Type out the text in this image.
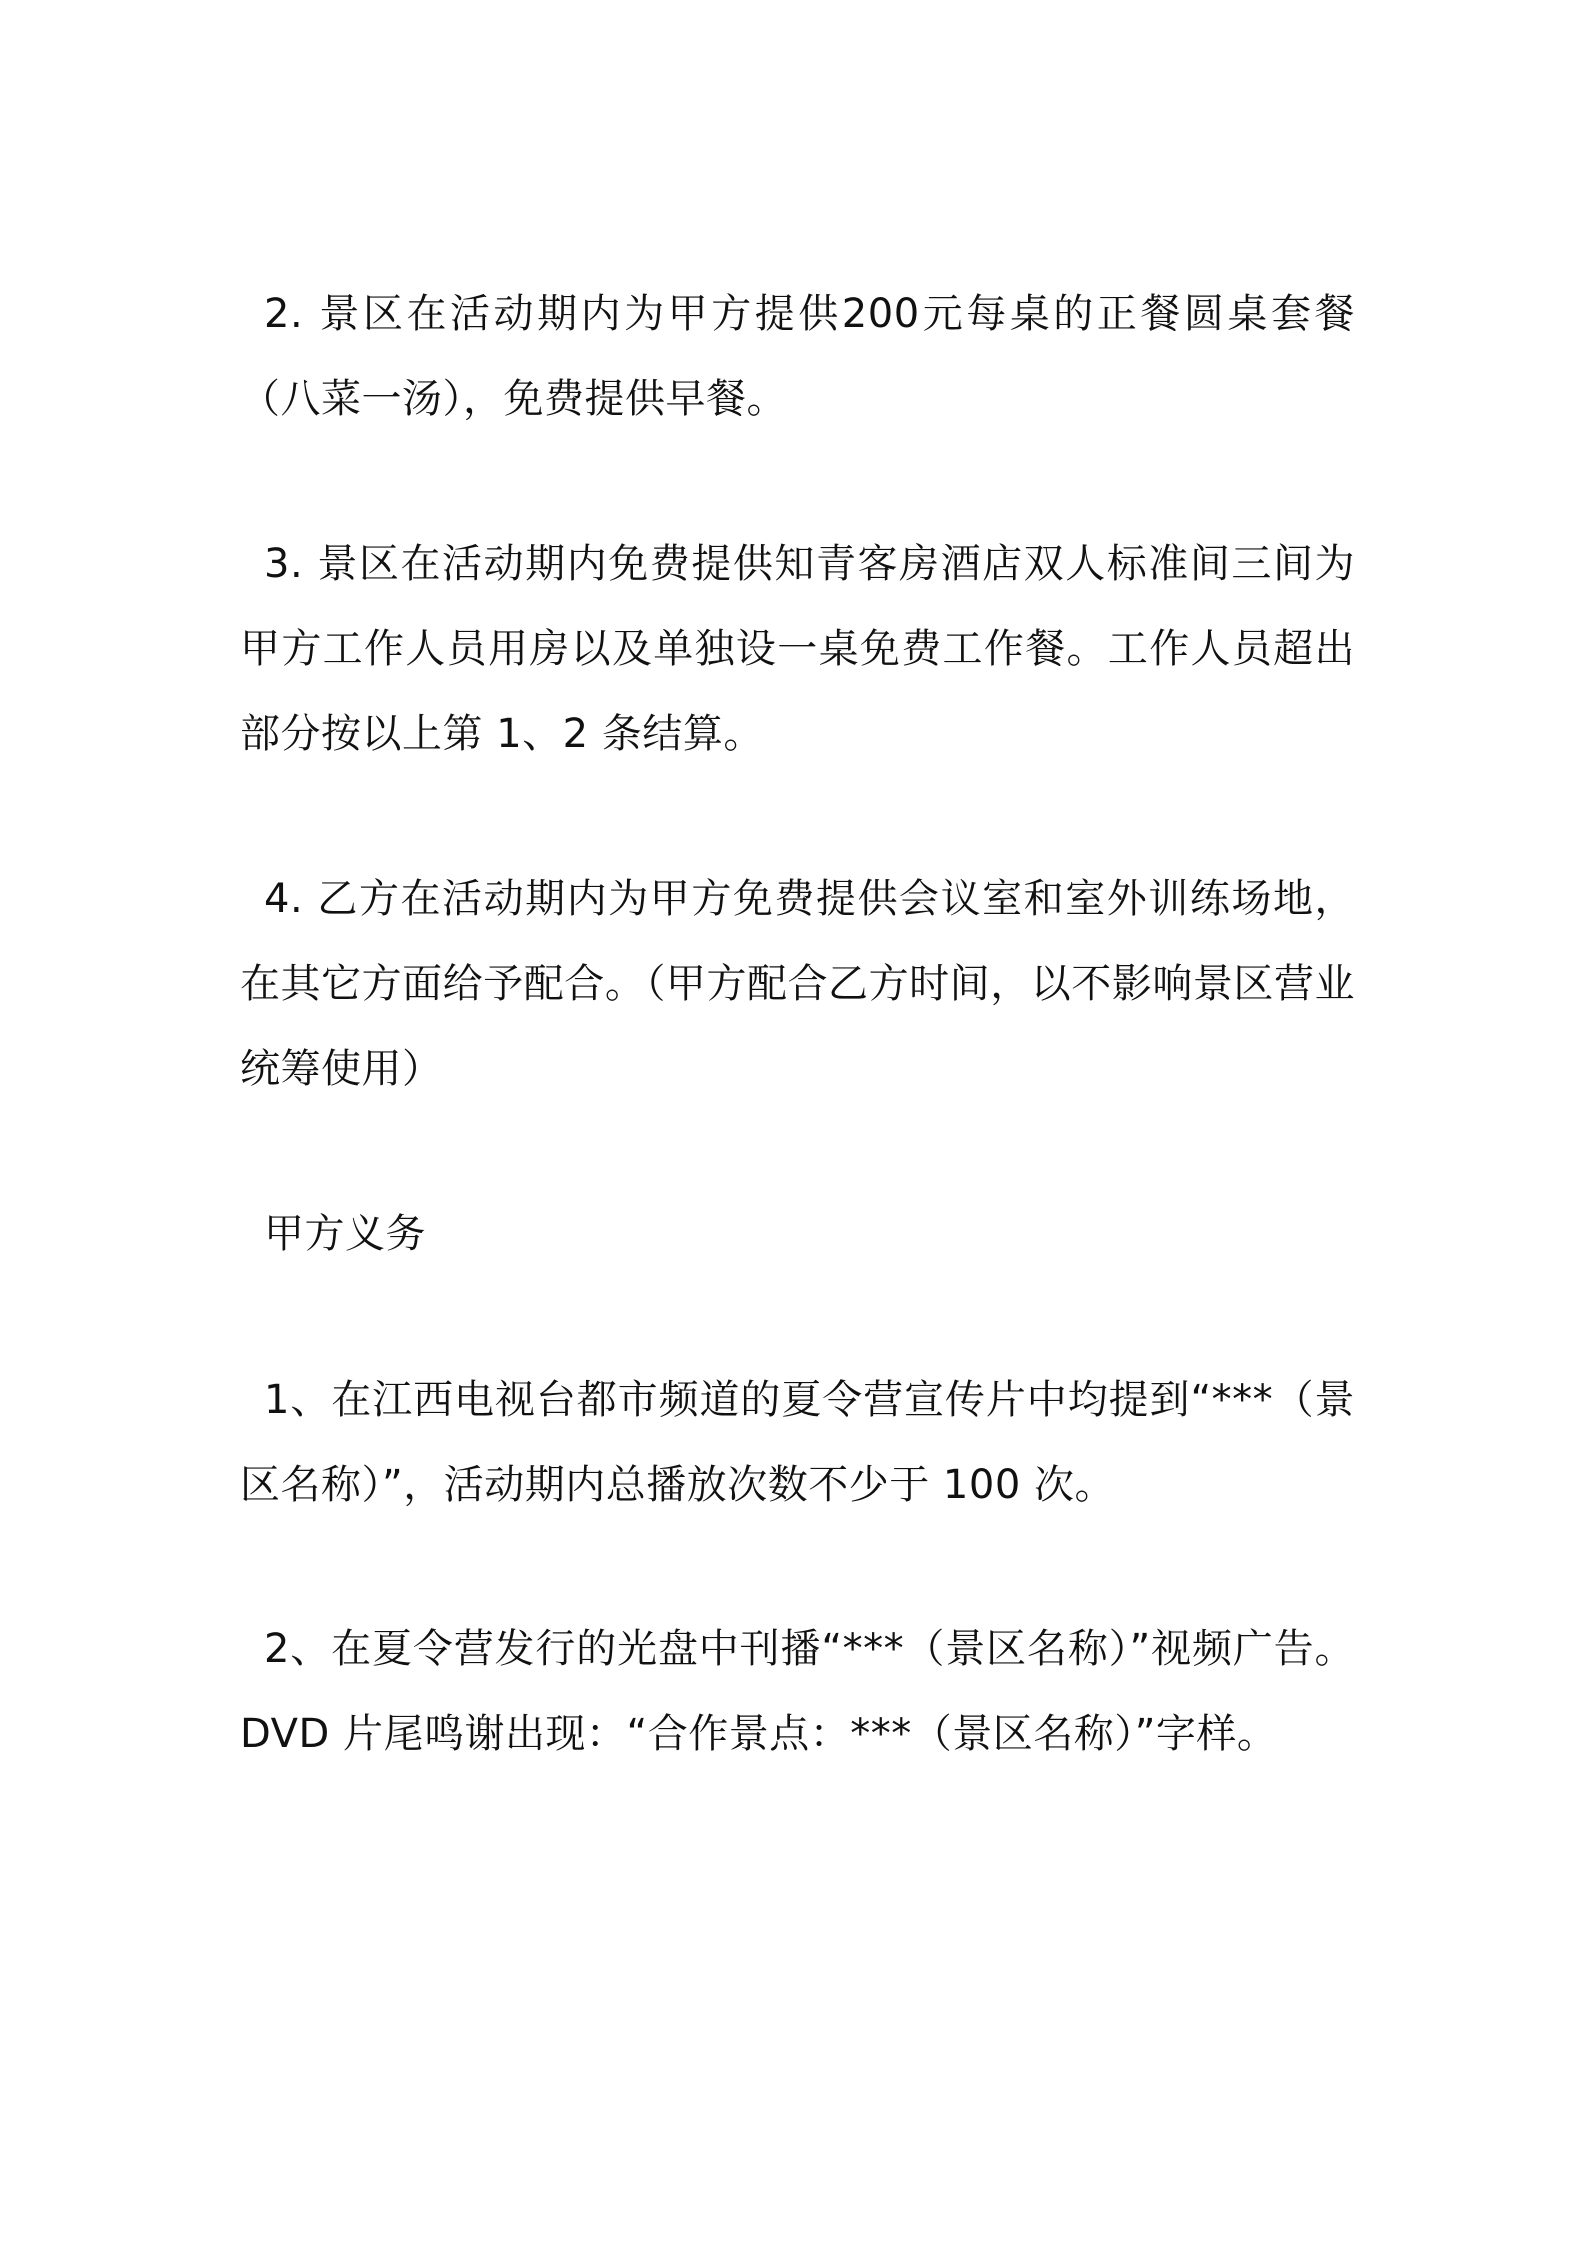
2. 景区在活动期内为甲方提供200元每桌的正餐圆桌套餐（八菜一汤），免费提供早餐。

3. 景区在活动期内免费提供知青客房酒店双人标准间三间为甲方工作人员用房以及单独设一桌免费工作餐。工作人员超出部分按以上第 1、2 条结算。

4. 乙方在活动期内为甲方免费提供会议室和室外训练场地，在其它方面给予配合。（甲方配合乙方时间，以不影响景区营业统筹使用）

甲方义务

1、在江西电视台都市频道的夏令营宣传片中均提到“***（景区名称）”，活动期内总播放次数不少于 100 次。

2、在夏令营发行的光盘中刊播“***（景区名称）”视频广告。DVD 片尾鸣谢出现：“合作景点：***（景区名称）”字样。
